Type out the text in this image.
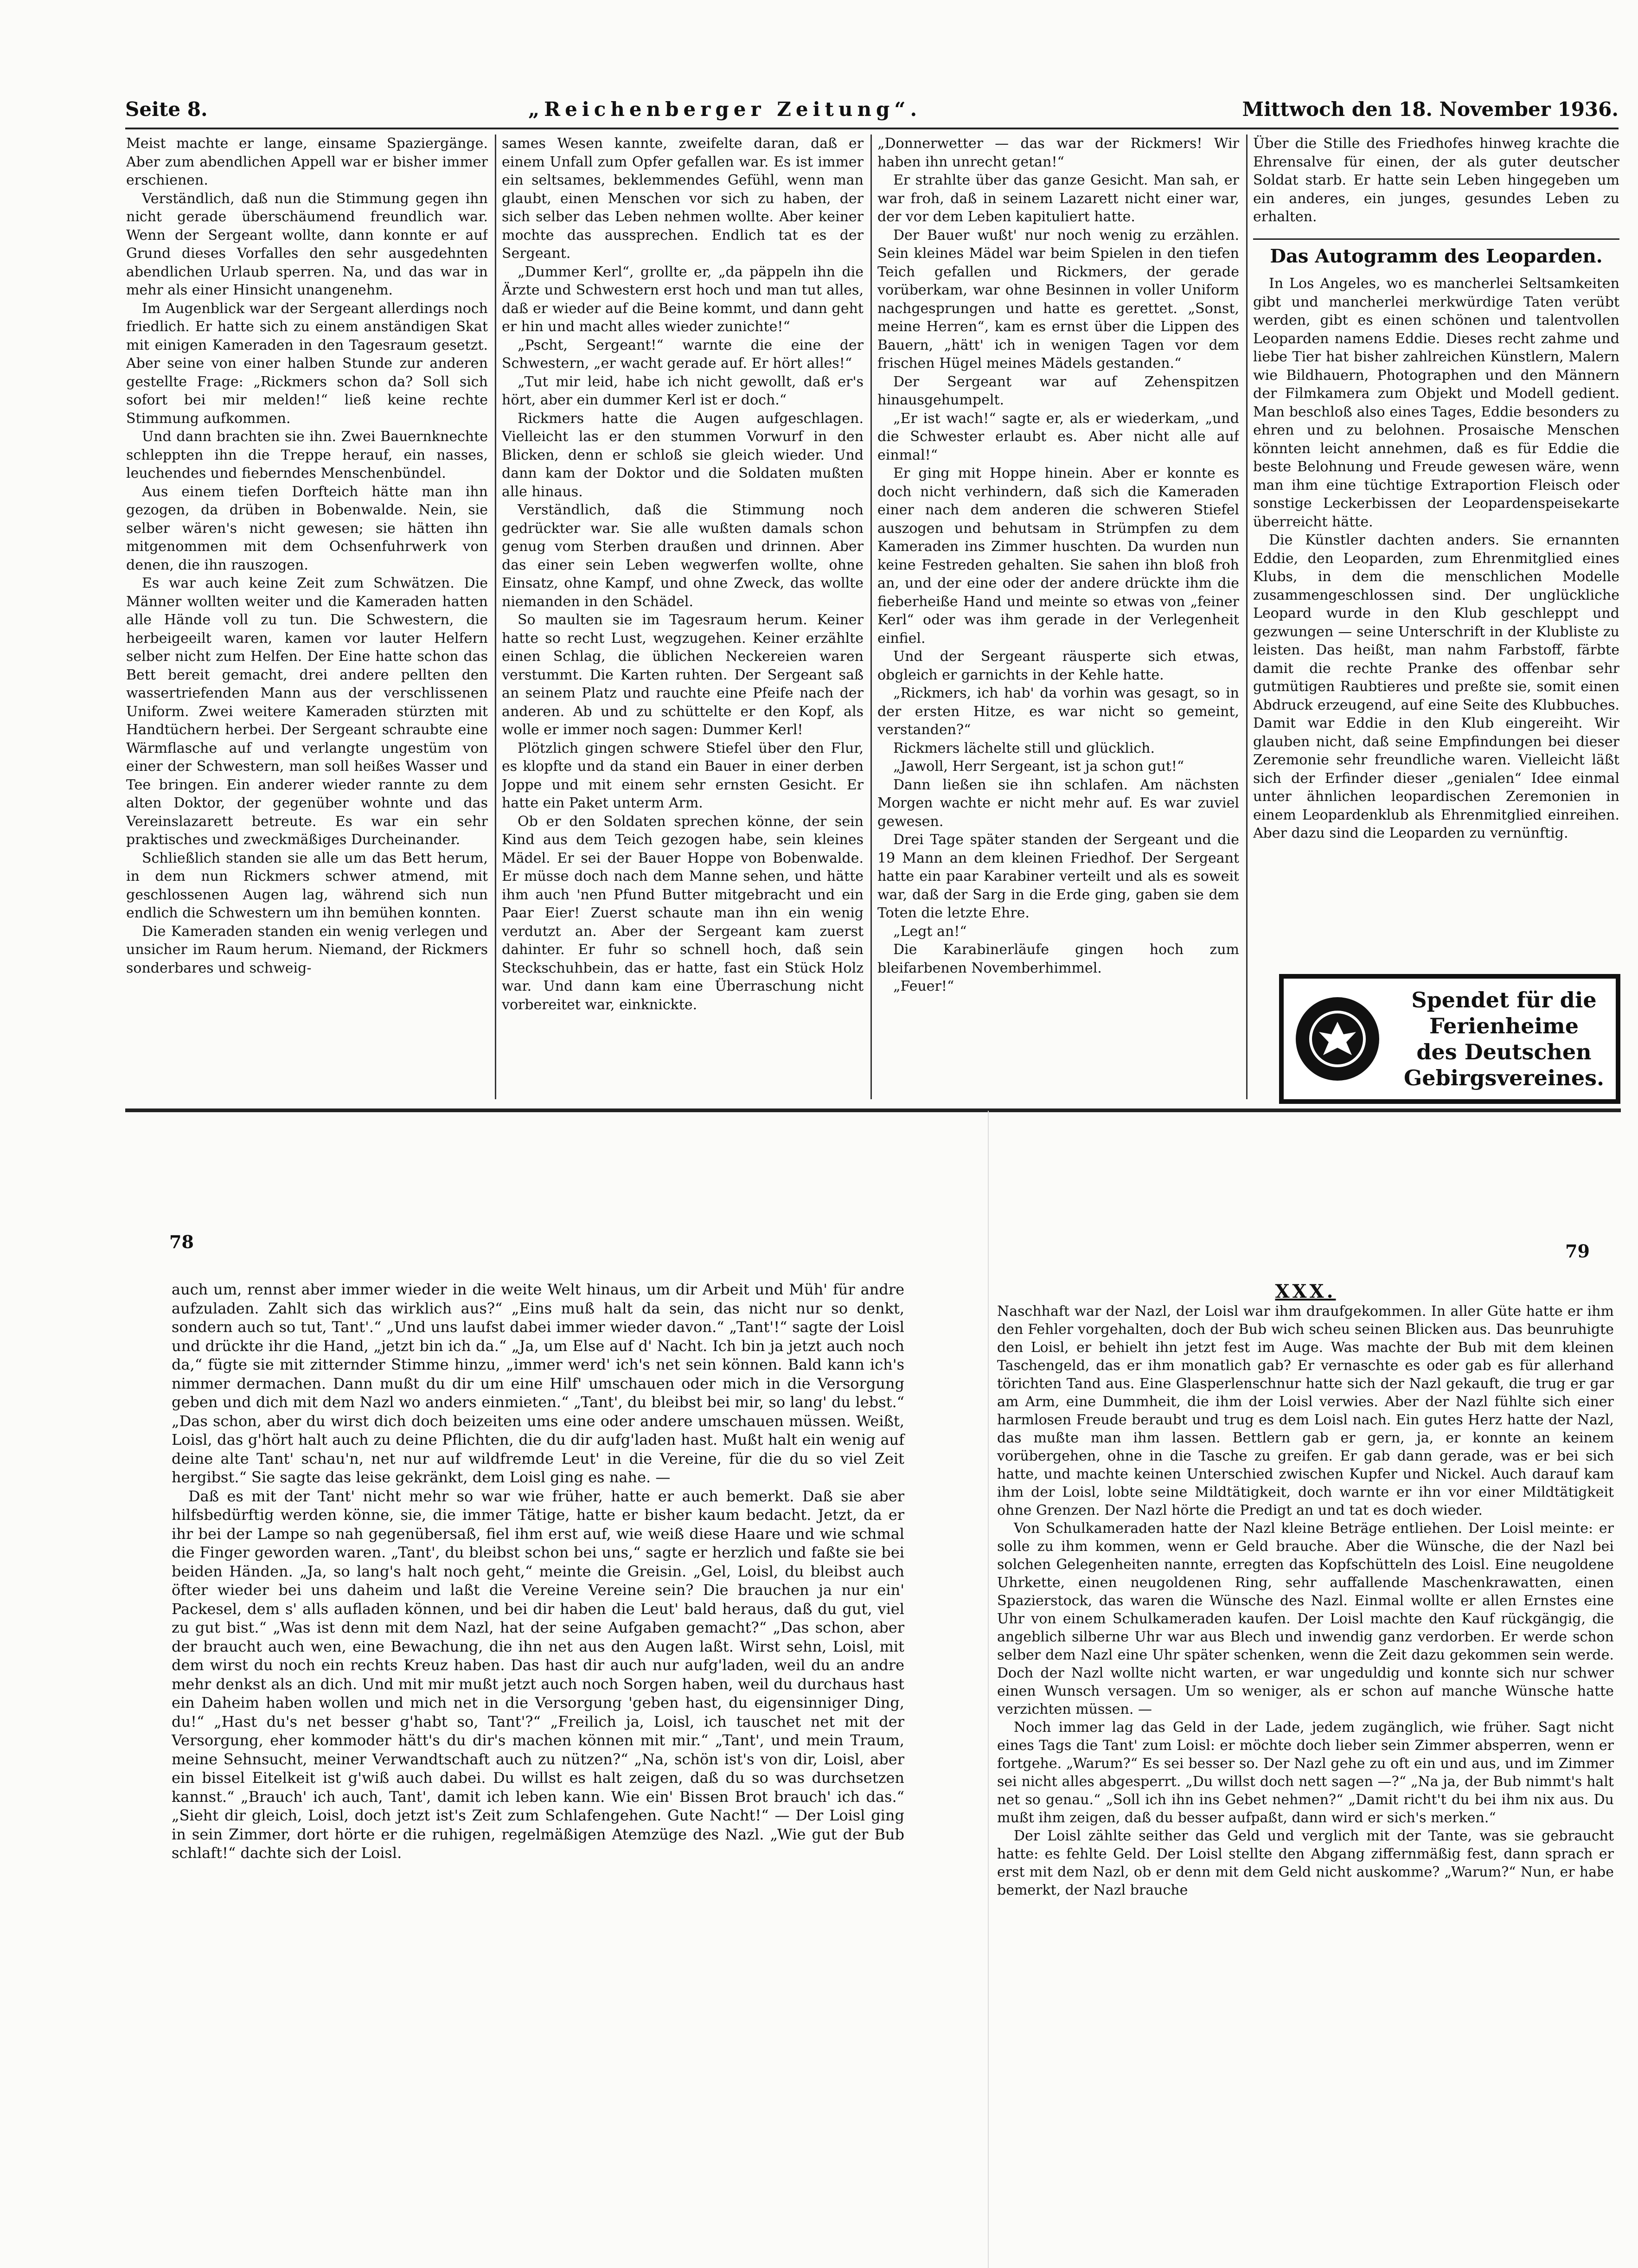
Seite 8.	„Reichenberger Zeitung“.	Mittwoch den 18. November 1936.

Meist machte er lange, einsame Spaziergänge. Aber zum abendlichen Appell war er bisher immer erschienen.

Verständlich, daß nun die Stimmung gegen ihn nicht gerade überschäumend freundlich war. Wenn der Sergeant wollte, dann konnte er auf Grund dieses Vorfalles den sehr ausgedehnten abendlichen Urlaub sperren. Na, und das war in mehr als einer Hinsicht unangenehm.

Im Augenblick war der Sergeant allerdings noch friedlich. Er hatte sich zu einem anständigen Skat mit einigen Kameraden in den Tagesraum gesetzt. Aber seine von einer halben Stunde zur anderen gestellte Frage: „Rickmers schon da? Soll sich sofort bei mir melden!“ ließ keine rechte Stimmung aufkommen.

Und dann brachten sie ihn. Zwei Bauernknechte schleppten ihn die Treppe herauf, ein nasses, leuchendes und fieberndes Menschenbündel.

Aus einem tiefen Dorfteich hätte man ihn gezogen, da drüben in Bobenwalde. Nein, sie selber wären's nicht gewesen; sie hätten ihn mitgenommen mit dem Ochsenfuhrwerk von denen, die ihn rauszogen.

Es war auch keine Zeit zum Schwätzen. Die Männer wollten weiter und die Kameraden hatten alle Hände voll zu tun. Die Schwestern, die herbeigeeilt waren, kamen vor lauter Helfern selber nicht zum Helfen. Der Eine hatte schon das Bett bereit gemacht, drei andere pellten den wassertriefenden Mann aus der verschlissenen Uniform. Zwei weitere Kameraden stürzten mit Handtüchern herbei. Der Sergeant schraubte eine Wärmflasche auf und verlangte ungestüm von einer der Schwestern, man soll heißes Wasser und Tee bringen. Ein anderer wieder rannte zu dem alten Doktor, der gegenüber wohnte und das Vereinslazarett betreute. Es war ein sehr praktisches und zweckmäßiges Durcheinander.

Schließlich standen sie alle um das Bett herum, in dem nun Rickmers schwer atmend, mit geschlossenen Augen lag, während sich nun endlich die Schwestern um ihn bemühen konnten.

Die Kameraden standen ein wenig verlegen und unsicher im Raum herum. Niemand, der Rickmers sonderbares und schweig-

sames Wesen kannte, zweifelte daran, daß er einem Unfall zum Opfer gefallen war. Es ist immer ein seltsames, beklemmendes Gefühl, wenn man glaubt, einen Menschen vor sich zu haben, der sich selber das Leben nehmen wollte. Aber keiner mochte das aussprechen. Endlich tat es der Sergeant.

„Dummer Kerl“, grollte er, „da päppeln ihn die Ärzte und Schwestern erst hoch und man tut alles, daß er wieder auf die Beine kommt, und dann geht er hin und macht alles wieder zunichte!“

„Pscht, Sergeant!“ warnte die eine der Schwestern, „er wacht gerade auf. Er hört alles!“

„Tut mir leid, habe ich nicht gewollt, daß er's hört, aber ein dummer Kerl ist er doch.“

Rickmers hatte die Augen aufgeschlagen. Vielleicht las er den stummen Vorwurf in den Blicken, denn er schloß sie gleich wieder. Und dann kam der Doktor und die Soldaten mußten alle hinaus.

Verständlich, daß die Stimmung noch gedrückter war. Sie alle wußten damals schon genug vom Sterben draußen und drinnen. Aber das einer sein Leben wegwerfen wollte, ohne Einsatz, ohne Kampf, und ohne Zweck, das wollte niemanden in den Schädel.

So maulten sie im Tagesraum herum. Keiner hatte so recht Lust, wegzugehen. Keiner erzählte einen Schlag, die üblichen Neckereien waren verstummt. Die Karten ruhten. Der Sergeant saß an seinem Platz und rauchte eine Pfeife nach der anderen. Ab und zu schüttelte er den Kopf, als wolle er immer noch sagen: Dummer Kerl!

Plötzlich gingen schwere Stiefel über den Flur, es klopfte und da stand ein Bauer in einer derben Joppe und mit einem sehr ernsten Gesicht. Er hatte ein Paket unterm Arm.

Ob er den Soldaten sprechen könne, der sein Kind aus dem Teich gezogen habe, sein kleines Mädel. Er sei der Bauer Hoppe von Bobenwalde. Er müsse doch nach dem Manne sehen, und hätte ihm auch 'nen Pfund Butter mitgebracht und ein Paar Eier! Zuerst schaute man ihn ein wenig verdutzt an. Aber der Sergeant kam zuerst dahinter. Er fuhr so schnell hoch, daß sein Steckschuhbein, das er hatte, fast ein Stück Holz war. Und dann kam eine Überraschung nicht vorbereitet war, einknickte.

„Donnerwetter — das war der Rickmers! Wir haben ihn unrecht getan!“

Er strahlte über das ganze Gesicht. Man sah, er war froh, daß in seinem Lazarett nicht einer war, der vor dem Leben kapituliert hatte.

Der Bauer wußt' nur noch wenig zu erzählen. Sein kleines Mädel war beim Spielen in den tiefen Teich gefallen und Rickmers, der gerade vorüberkam, war ohne Besinnen in voller Uniform nachgesprungen und hatte es gerettet. „Sonst, meine Herren“, kam es ernst über die Lippen des Bauern, „hätt' ich in wenigen Tagen vor dem frischen Hügel meines Mädels gestanden.“

Der Sergeant war auf Zehenspitzen hinausgehumpelt.

„Er ist wach!“ sagte er, als er wiederkam, „und die Schwester erlaubt es. Aber nicht alle auf einmal!“

Er ging mit Hoppe hinein. Aber er konnte es doch nicht verhindern, daß sich die Kameraden einer nach dem anderen die schweren Stiefel auszogen und behutsam in Strümpfen zu dem Kameraden ins Zimmer huschten. Da wurden nun keine Festreden gehalten. Sie sahen ihn bloß froh an, und der eine oder der andere drückte ihm die fieberheiße Hand und meinte so etwas von „feiner Kerl“ oder was ihm gerade in der Verlegenheit einfiel.

Und der Sergeant räusperte sich etwas, obgleich er garnichts in der Kehle hatte.

„Rickmers, ich hab' da vorhin was gesagt, so in der ersten Hitze, es war nicht so gemeint, verstanden?“

Rickmers lächelte still und glücklich.

„Jawoll, Herr Sergeant, ist ja schon gut!“

Dann ließen sie ihn schlafen. Am nächsten Morgen wachte er nicht mehr auf. Es war zuviel gewesen.

Drei Tage später standen der Sergeant und die 19 Mann an dem kleinen Friedhof. Der Sergeant hatte ein paar Karabiner verteilt und als es soweit war, daß der Sarg in die Erde ging, gaben sie dem Toten die letzte Ehre.

„Legt an!“

Die Karabinerläufe gingen hoch zum bleifarbenen Novemberhimmel.

„Feuer!“

Über die Stille des Friedhofes hinweg krachte die Ehrensalve für einen, der als guter deutscher Soldat starb. Er hatte sein Leben hingegeben um ein anderes, ein junges, gesundes Leben zu erhalten.

Das Autogramm des Leoparden.

In Los Angeles, wo es mancherlei Seltsamkeiten gibt und mancherlei merkwürdige Taten verübt werden, gibt es einen schönen und talentvollen Leoparden namens Eddie. Dieses recht zahme und liebe Tier hat bisher zahlreichen Künstlern, Malern wie Bildhauern, Photographen und den Männern der Filmkamera zum Objekt und Modell gedient. Man beschloß also eines Tages, Eddie besonders zu ehren und zu belohnen. Prosaische Menschen könnten leicht annehmen, daß es für Eddie die beste Belohnung und Freude gewesen wäre, wenn man ihm eine tüchtige Extraportion Fleisch oder sonstige Leckerbissen der Leopardenspeisekarte überreicht hätte.

Die Künstler dachten anders. Sie ernannten Eddie, den Leoparden, zum Ehrenmitglied eines Klubs, in dem die menschlichen Modelle zusammengeschlossen sind. Der unglückliche Leopard wurde in den Klub geschleppt und gezwungen — seine Unterschrift in der Klubliste zu leisten. Das heißt, man nahm Farbstoff, färbte damit die rechte Pranke des offenbar sehr gutmütigen Raubtieres und preßte sie, somit einen Abdruck erzeugend, auf eine Seite des Klubbuches. Damit war Eddie in den Klub eingereiht. Wir glauben nicht, daß seine Empfindungen bei dieser Zeremonie sehr freundliche waren. Vielleicht läßt sich der Erfinder dieser „genialen“ Idee einmal unter ähnlichen leopardischen Zeremonien in einem Leopardenklub als Ehrenmitglied einreihen. Aber dazu sind die Leoparden zu vernünftig.

Spendet für die
Ferienheime
des Deutschen
Gebirgsvereines.
78

auch um, rennst aber immer wieder in die weite Welt hinaus, um dir Arbeit und Müh' für andre aufzuladen. Zahlt sich das wirklich aus?“ „Eins muß halt da sein, das nicht nur so denkt, sondern auch so tut, Tant'.“ „Und uns laufst dabei immer wieder davon.“ „Tant'!“ sagte der Loisl und drückte ihr die Hand, „jetzt bin ich da.“ „Ja, um Else auf d' Nacht. Ich bin ja jetzt auch noch da,“ fügte sie mit zitternder Stimme hinzu, „immer werd' ich's net sein können. Bald kann ich's nimmer dermachen. Dann mußt du dir um eine Hilf' umschauen oder mich in die Versorgung geben und dich mit dem Nazl wo anders einmieten.“ „Tant', du bleibst bei mir, so lang' du lebst.“ „Das schon, aber du wirst dich doch beizeiten ums eine oder andere umschauen müssen. Weißt, Loisl, das g'hört halt auch zu deine Pflichten, die du dir aufg'laden hast. Mußt halt ein wenig auf deine alte Tant' schau'n, net nur auf wildfremde Leut' in die Vereine, für die du so viel Zeit hergibst.“ Sie sagte das leise gekränkt, dem Loisl ging es nahe. —

Daß es mit der Tant' nicht mehr so war wie früher, hatte er auch bemerkt. Daß sie aber hilfsbedürftig werden könne, sie, die immer Tätige, hatte er bisher kaum bedacht. Jetzt, da er ihr bei der Lampe so nah gegenübersaß, fiel ihm erst auf, wie weiß diese Haare und wie schmal die Finger geworden waren. „Tant', du bleibst schon bei uns,“ sagte er herzlich und faßte sie bei beiden Händen. „Ja, so lang's halt noch geht,“ meinte die Greisin. „Gel, Loisl, du bleibst auch öfter wieder bei uns daheim und laßt die Vereine Vereine sein? Die brauchen ja nur ein' Packesel, dem s' alls aufladen können, und bei dir haben die Leut' bald heraus, daß du gut, viel zu gut bist.“ „Was ist denn mit dem Nazl, hat der seine Aufgaben gemacht?“ „Das schon, aber der braucht auch wen, eine Bewachung, die ihn net aus den Augen laßt. Wirst sehn, Loisl, mit dem wirst du noch ein rechts Kreuz haben. Das hast dir auch nur aufg'laden, weil du an andre mehr denkst als an dich. Und mit mir mußt jetzt auch noch Sorgen haben, weil du durchaus hast ein Daheim haben wollen und mich net in die Versorgung 'geben hast, du eigensinniger Ding, du!“ „Hast du's net besser g'habt so, Tant'?“ „Freilich ja, Loisl, ich tauschet net mit der Versorgung, eher kommoder hätt's du dir's machen können mit mir.“ „Tant', und mein Traum, meine Sehnsucht, meiner Verwandtschaft auch zu nützen?“ „Na, schön ist's von dir, Loisl, aber ein bissel Eitelkeit ist g'wiß auch dabei. Du willst es halt zeigen, daß du so was durchsetzen kannst.“ „Brauch' ich auch, Tant', damit ich leben kann. Wie ein' Bissen Brot brauch' ich das.“ „Sieht dir gleich, Loisl, doch jetzt ist's Zeit zum Schlafengehen. Gute Nacht!“ — Der Loisl ging in sein Zimmer, dort hörte er die ruhigen, regelmäßigen Atemzüge des Nazl. „Wie gut der Bub schlaft!“ dachte sich der Loisl.

79
XXX.

Naschhaft war der Nazl, der Loisl war ihm draufgekommen. In aller Güte hatte er ihm den Fehler vorgehalten, doch der Bub wich scheu seinen Blicken aus. Das beunruhigte den Loisl, er behielt ihn jetzt fest im Auge. Was machte der Bub mit dem kleinen Taschengeld, das er ihm monatlich gab? Er vernaschte es oder gab es für allerhand törichten Tand aus. Eine Glasperlenschnur hatte sich der Nazl gekauft, die trug er gar am Arm, eine Dummheit, die ihm der Loisl verwies. Aber der Nazl fühlte sich einer harmlosen Freude beraubt und trug es dem Loisl nach. Ein gutes Herz hatte der Nazl, das mußte man ihm lassen. Bettlern gab er gern, ja, er konnte an keinem vorübergehen, ohne in die Tasche zu greifen. Er gab dann gerade, was er bei sich hatte, und machte keinen Unterschied zwischen Kupfer und Nickel. Auch darauf kam ihm der Loisl, lobte seine Mildtätigkeit, doch warnte er ihn vor einer Mildtätigkeit ohne Grenzen. Der Nazl hörte die Predigt an und tat es doch wieder.

Von Schulkameraden hatte der Nazl kleine Beträge entliehen. Der Loisl meinte: er solle zu ihm kommen, wenn er Geld brauche. Aber die Wünsche, die der Nazl bei solchen Gelegenheiten nannte, erregten das Kopfschütteln des Loisl. Eine neugoldene Uhrkette, einen neugoldenen Ring, sehr auffallende Maschenkrawatten, einen Spazierstock, das waren die Wünsche des Nazl. Einmal wollte er allen Ernstes eine Uhr von einem Schulkameraden kaufen. Der Loisl machte den Kauf rückgängig, die angeblich silberne Uhr war aus Blech und inwendig ganz verdorben. Er werde schon selber dem Nazl eine Uhr später schenken, wenn die Zeit dazu gekommen sein werde. Doch der Nazl wollte nicht warten, er war ungeduldig und konnte sich nur schwer einen Wunsch versagen. Um so weniger, als er schon auf manche Wünsche hatte verzichten müssen. —

Noch immer lag das Geld in der Lade, jedem zugänglich, wie früher. Sagt nicht eines Tags die Tant' zum Loisl: er möchte doch lieber sein Zimmer absperren, wenn er fortgehe. „Warum?“ Es sei besser so. Der Nazl gehe zu oft ein und aus, und im Zimmer sei nicht alles abgesperrt. „Du willst doch nett sagen —?“ „Na ja, der Bub nimmt's halt net so genau.“ „Soll ich ihn ins Gebet nehmen?“ „Damit richt't du bei ihm nix aus. Du mußt ihm zeigen, daß du besser aufpaßt, dann wird er sich's merken.“

Der Loisl zählte seither das Geld und verglich mit der Tante, was sie gebraucht hatte: es fehlte Geld. Der Loisl stellte den Abgang ziffernmäßig fest, dann sprach er erst mit dem Nazl, ob er denn mit dem Geld nicht auskomme? „Warum?“ Nun, er habe bemerkt, der Nazl brauche
